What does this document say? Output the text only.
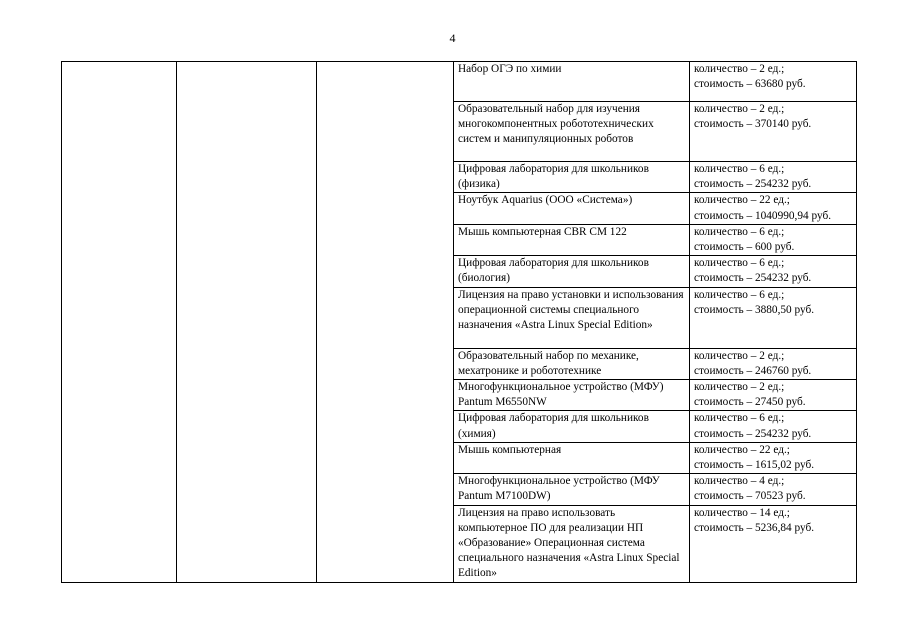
4
			Набор ОГЭ по химии	количество – 2 ед.;
стоимость – 63680 руб.

			Образовательный набор для изучения многокомпонентных робототехнических систем и манипуляционных роботов	количество – 2 ед.;
стоимость – 370140 руб.

			Цифровая лаборатория для школьников (физика)	количество – 6 ед.;
стоимость – 254232 руб.

			Ноутбук Aquarius (ООО «Система»)	количество – 22 ед.;
стоимость – 1040990,94 руб.

			Мышь компьютерная CBR CM 122	количество – 6 ед.;
стоимость – 600 руб.

			Цифровая лаборатория для школьников (биология)	количество – 6 ед.;
стоимость – 254232 руб.

			Лицензия на право установки и использования операционной системы специального назначения «Astra Linux Special Edition»	количество – 6 ед.;
стоимость – 3880,50 руб.

			Образовательный набор по механике, мехатронике и робототехнике	количество – 2 ед.;
стоимость – 246760 руб.

			Многофункциональное устройство (МФУ) Pantum M6550NW	количество – 2 ед.;
стоимость – 27450 руб.

			Цифровая лаборатория для школьников (химия)	количество – 6 ед.;
стоимость – 254232 руб.

			Мышь компьютерная	количество – 22 ед.;
стоимость – 1615,02 руб.

			Многофункциональное устройство (МФУ Pantum M7100DW)	количество – 4 ед.;
стоимость – 70523 руб.

			Лицензия на право использовать компьютерное ПО для реализации НП «Образование» Операционная система специального назначения «Astra Linux Special Edition»	количество – 14 ед.;
стоимость – 5236,84 руб.
